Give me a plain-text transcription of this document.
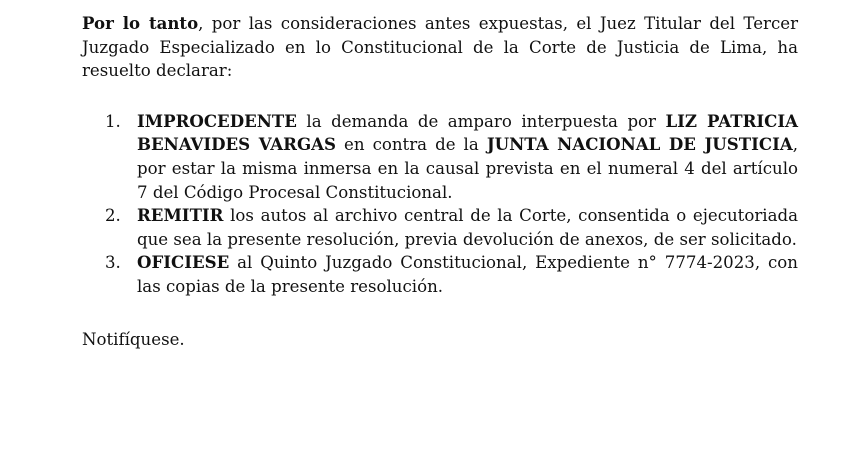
Por lo tanto, por las consideraciones antes expuestas, el Juez Titular del Tercer Juzgado Especializado en lo Constitucional de la Corte de Justicia de Lima, ha resuelto declarar:

1. IMPROCEDENTE la demanda de amparo interpuesta por LIZ PATRICIA BENAVIDES VARGAS en contra de la JUNTA NACIONAL DE JUSTICIA, por estar la misma inmersa en la causal prevista en el numeral 4 del artículo 7 del Código Procesal Constitucional.
2. REMITIR los autos al archivo central de la Corte, consentida o ejecutoriada que sea la presente resolución, previa devolución de anexos, de ser solicitado.
3. OFICIESE al Quinto Juzgado Constitucional, Expediente n° 7774-2023, con las copias de la presente resolución.

Notifíquese.
